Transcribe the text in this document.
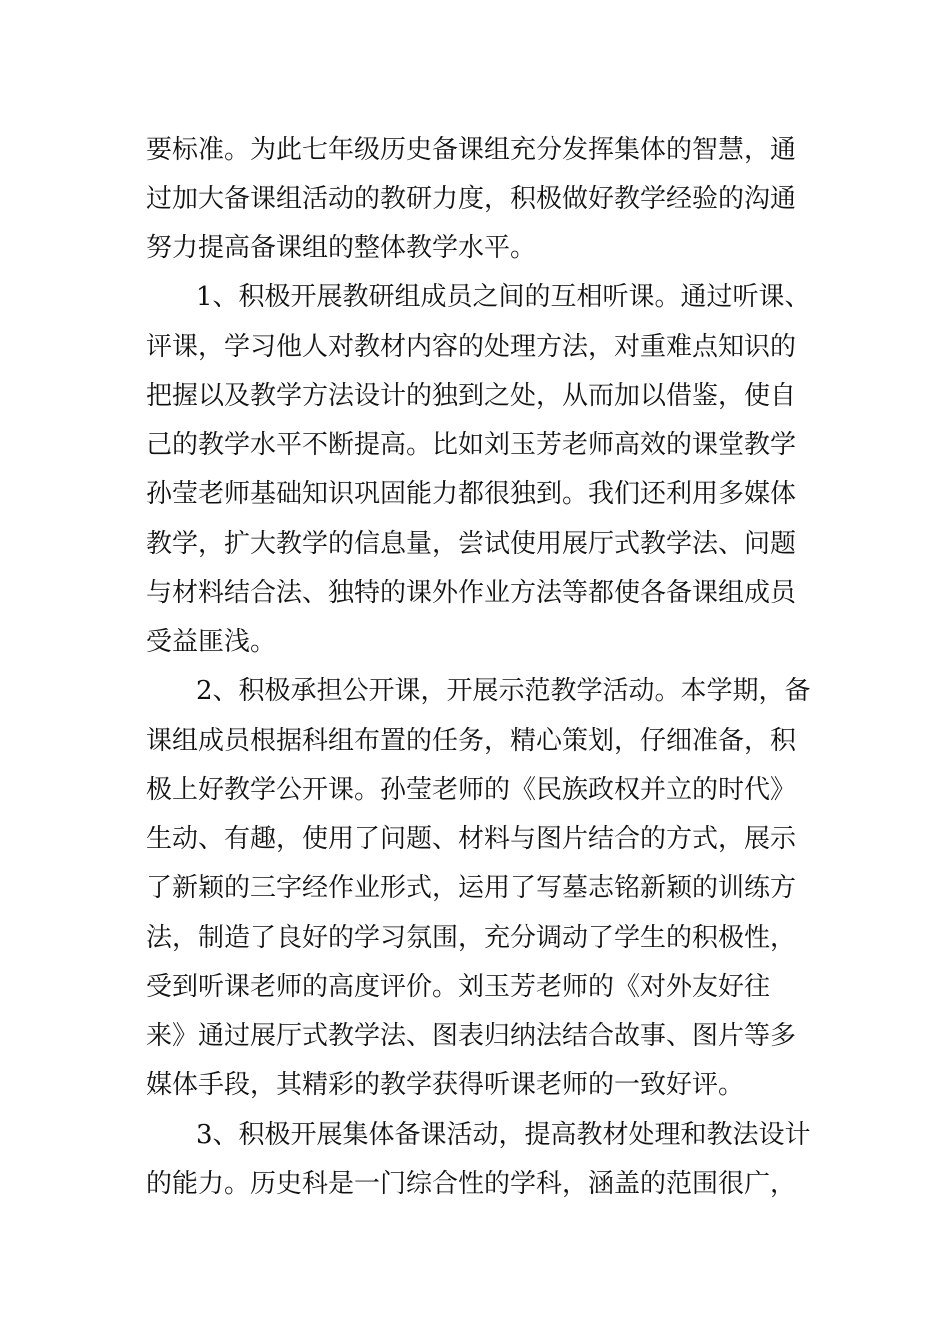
要标准。为此七年级历史备课组充分发挥集体的智慧，通
过加大备课组活动的教研力度，积极做好教学经验的沟通
努力提高备课组的整体教学水平。
1、积极开展教研组成员之间的互相听课。通过听课、
评课，学习他人对教材内容的处理方法，对重难点知识的
把握以及教学方法设计的独到之处，从而加以借鉴，使自
己的教学水平不断提高。比如刘玉芳老师高效的课堂教学
孙莹老师基础知识巩固能力都很独到。我们还利用多媒体
教学，扩大教学的信息量，尝试使用展厅式教学法、问题
与材料结合法、独特的课外作业方法等都使各备课组成员
受益匪浅。
2、积极承担公开课，开展示范教学活动。本学期，备
课组成员根据科组布置的任务，精心策划，仔细准备，积
极上好教学公开课。孙莹老师的《民族政权并立的时代》
生动、有趣，使用了问题、材料与图片结合的方式，展示
了新颖的三字经作业形式，运用了写墓志铭新颖的训练方
法，制造了良好的学习氛围，充分调动了学生的积极性，
受到听课老师的高度评价。刘玉芳老师的《对外友好往
来》通过展厅式教学法、图表归纳法结合故事、图片等多
媒体手段，其精彩的教学获得听课老师的一致好评。
3、积极开展集体备课活动，提高教材处理和教法设计
的能力。历史科是一门综合性的学科，涵盖的范围很广，
